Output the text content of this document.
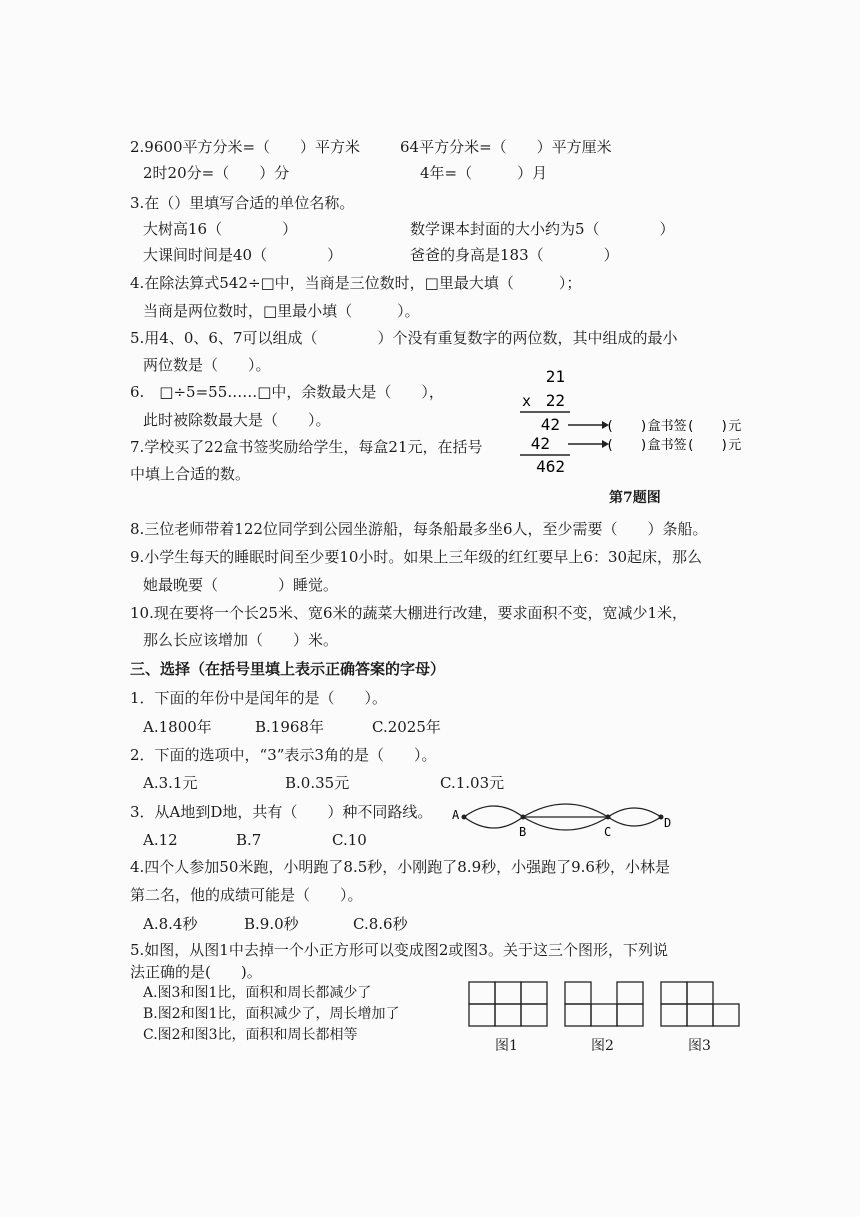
2.9600平方分米=（　　）平方米	64平方分米=（　　）平方厘米
2时20分=（　　）分	4年=（　　　）月
3.在（）里填写合适的单位名称。
大树高16（　　　　）	数学课本封面的大小约为5（　　　　）
大课间时间是40（　　　　）	爸爸的身高是183（　　　　）
4.在除法算式542÷□中，当商是三位数时，□里最大填（　　　）；
当商是两位数时，□里最小填（　　　）。
5.用4、0、6、7可以组成（　　　　）个没有重复数字的两位数，其中组成的最小
两位数是（　　）。
6.　□÷5=55……□中，余数最大是（　　），
此时被除数最大是（　　）。
7.学校买了22盒书签奖励给学生，每盒21元，在括号
中填上合适的数。
21
x 22
42	(　　)盒书签(　　)元
42	(　　)盒书签(　　)元
462
第7题图
8.三位老师带着122位同学到公园坐游船，每条船最多坐6人，至少需要（　　）条船。
9.小学生每天的睡眠时间至少要10小时。如果上三年级的红红要早上6：30起床，那么
她最晚要（　　　　）睡觉。
10.现在要将一个长25米、宽6米的蔬菜大棚进行改建，要求面积不变，宽减少1米，
那么长应该增加（　　）米。
三、选择（在括号里填上表示正确答案的字母）
1．下面的年份中是闰年的是（　　）。
A.1800年	B.1968年	C.2025年
2．下面的选项中，“3”表示3角的是（　　）。
A.3.1元	B.0.35元	C.1.03元
3．从A地到D地，共有（　　）种不同路线。
A.12	B.7	C.10
A
B	C
D
4.四个人参加50米跑，小明跑了8.5秒，小刚跑了8.9秒，小强跑了9.6秒，小林是
第二名，他的成绩可能是（　　）。
A.8.4秒	B.9.0秒	C.8.6秒
5.如图，从图1中去掉一个小正方形可以变成图2或图3。关于这三个图形，下列说
法正确的是(　　)。
A.图3和图1比，面积和周长都减少了
B.图2和图1比，面积减少了，周长增加了
C.图2和图3比，面积和周长都相等
图1	图2	图3
